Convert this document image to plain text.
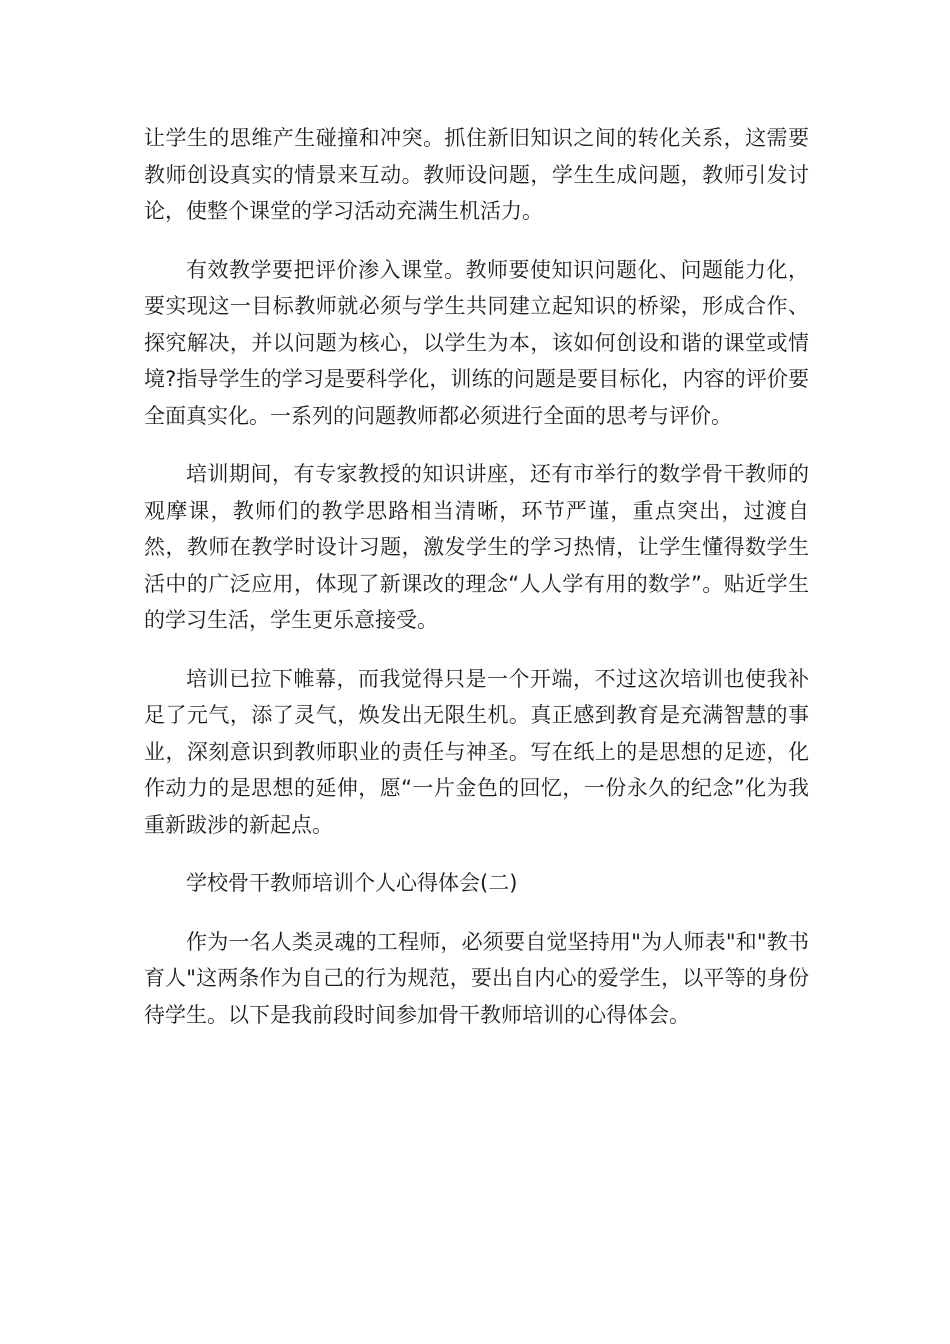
让学生的思维产生碰撞和冲突。抓住新旧知识之间的转化关系，这需要教师创设真实的情景来互动。教师设问题，学生生成问题，教师引发讨论，使整个课堂的学习活动充满生机活力。

有效教学要把评价渗入课堂。教师要使知识问题化、问题能力化，要实现这一目标教师就必须与学生共同建立起知识的桥梁，形成合作、探究解决，并以问题为核心，以学生为本，该如何创设和谐的课堂或情境?指导学生的学习是要科学化，训练的问题是要目标化，内容的评价要全面真实化。一系列的问题教师都必须进行全面的思考与评价。

培训期间，有专家教授的知识讲座，还有市举行的数学骨干教师的观摩课，教师们的教学思路相当清晰，环节严谨，重点突出，过渡自然，教师在教学时设计习题，激发学生的学习热情，让学生懂得数学生活中的广泛应用，体现了新课改的理念“人人学有用的数学”。贴近学生的学习生活，学生更乐意接受。

培训已拉下帷幕，而我觉得只是一个开端，不过这次培训也使我补足了元气，添了灵气，焕发出无限生机。真正感到教育是充满智慧的事业，深刻意识到教师职业的责任与神圣。写在纸上的是思想的足迹，化作动力的是思想的延伸，愿“一片金色的回忆，一份永久的纪念”化为我重新跋涉的新起点。

学校骨干教师培训个人心得体会(二)

作为一名人类灵魂的工程师，必须要自觉坚持用"为人师表"和"教书育人"这两条作为自己的行为规范，要出自内心的爱学生，以平等的身份待学生。以下是我前段时间参加骨干教师培训的心得体会。
